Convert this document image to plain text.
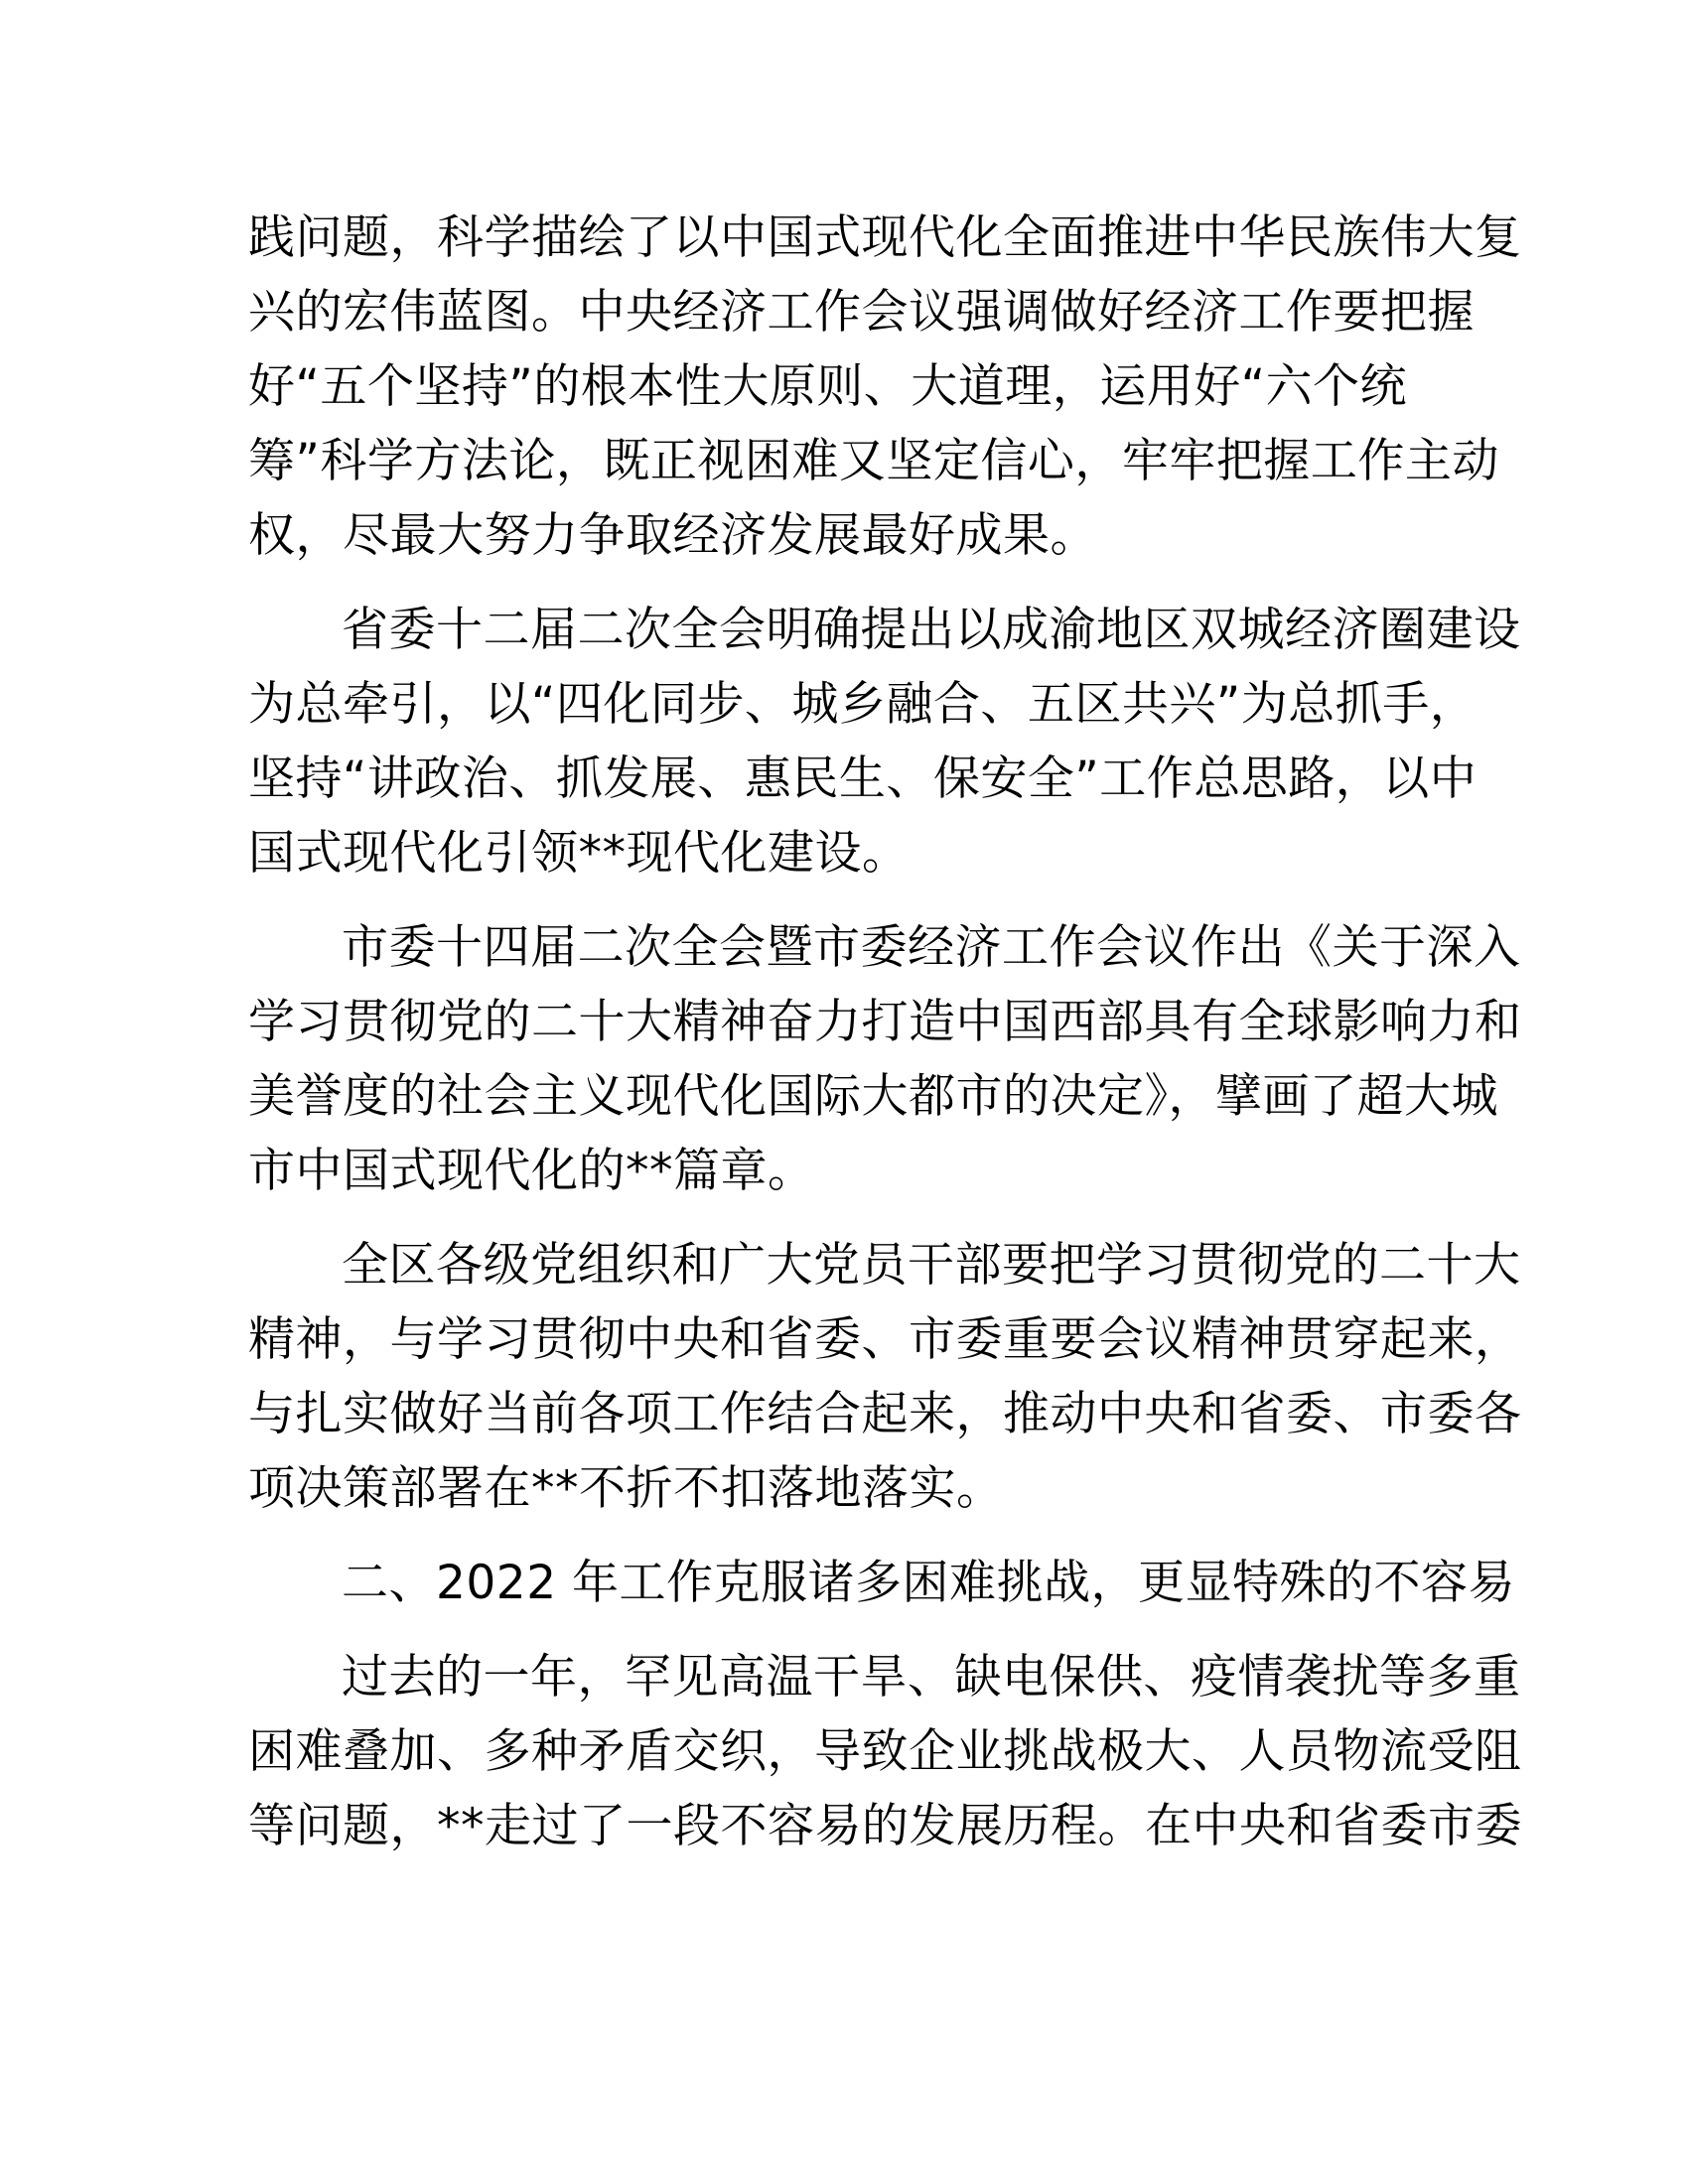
践问题，科学描绘了以中国式现代化全面推进中华民族伟大复
兴的宏伟蓝图。中央经济工作会议强调做好经济工作要把握
好“五个坚持”的根本性大原则、大道理，运用好“六个统
筹”科学方法论，既正视困难又坚定信心，牢牢把握工作主动
权，尽最大努力争取经济发展最好成果。

省委十二届二次全会明确提出以成渝地区双城经济圈建设
为总牵引，以“四化同步、城乡融合、五区共兴”为总抓手，
坚持“讲政治、抓发展、惠民生、保安全”工作总思路，以中
国式现代化引领**现代化建设。

市委十四届二次全会暨市委经济工作会议作出《关于深入
学习贯彻党的二十大精神奋力打造中国西部具有全球影响力和
美誉度的社会主义现代化国际大都市的决定》，擘画了超大城
市中国式现代化的**篇章。

全区各级党组织和广大党员干部要把学习贯彻党的二十大
精神，与学习贯彻中央和省委、市委重要会议精神贯穿起来，
与扎实做好当前各项工作结合起来，推动中央和省委、市委各
项决策部署在**不折不扣落地落实。

二、2022 年工作克服诸多困难挑战，更显特殊的不容易

过去的一年，罕见高温干旱、缺电保供、疫情袭扰等多重
困难叠加、多种矛盾交织，导致企业挑战极大、人员物流受阻
等问题，**走过了一段不容易的发展历程。在中央和省委市委
